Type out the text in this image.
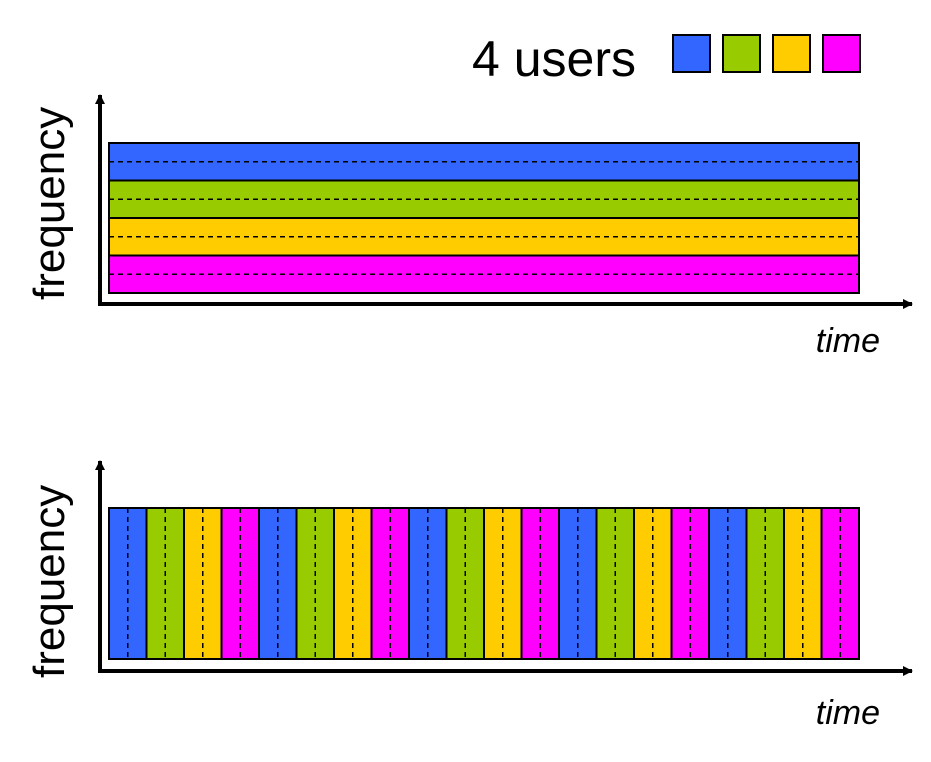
4 users
frequency
time
frequency
time
